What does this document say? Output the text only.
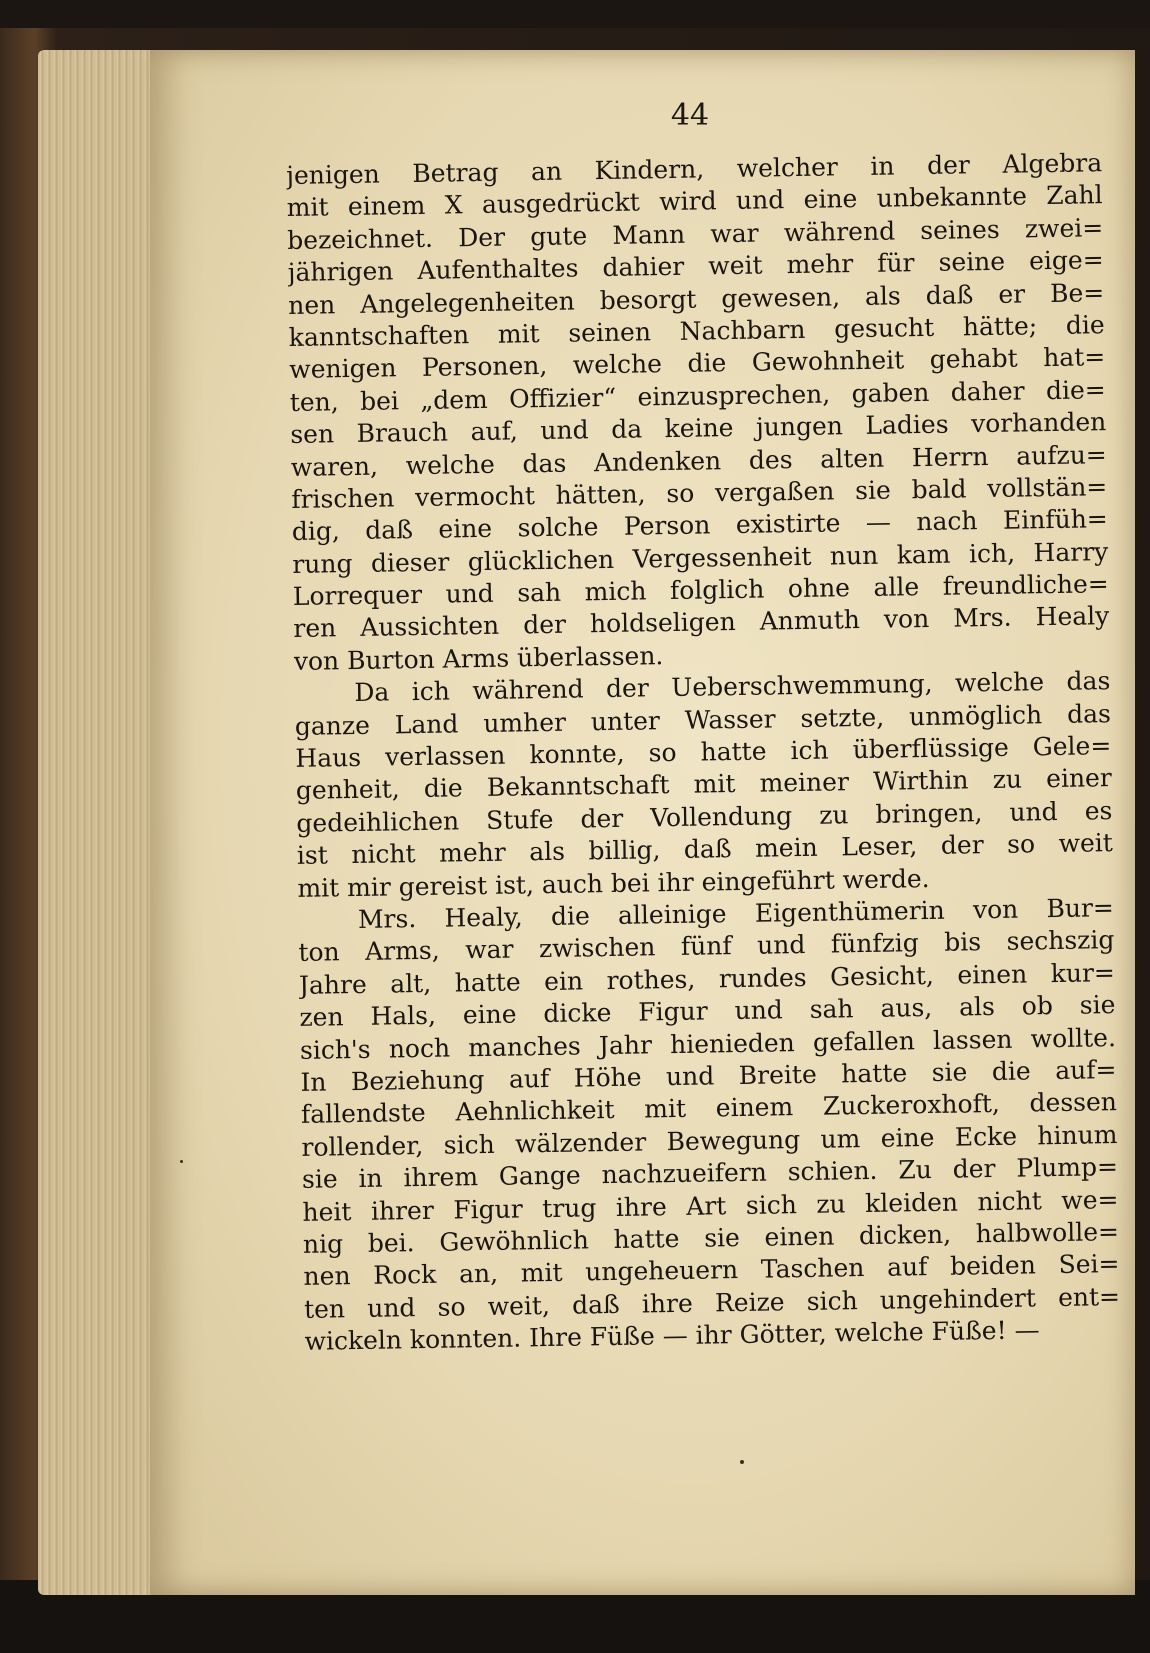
44

jenigen Betrag an Kindern, welcher in der Algebra

mit einem X ausgedrückt wird und eine unbekannte Zahl

bezeichnet. Der gute Mann war während seines zwei=

jährigen Aufenthaltes dahier weit mehr für seine eige=

nen Angelegenheiten besorgt gewesen, als daß er Be=

kanntschaften mit seinen Nachbarn gesucht hätte; die

wenigen Personen, welche die Gewohnheit gehabt hat=

ten, bei „dem Offizier“ einzusprechen, gaben daher die=

sen Brauch auf, und da keine jungen Ladies vorhanden

waren, welche das Andenken des alten Herrn aufzu=

frischen vermocht hätten, so vergaßen sie bald vollstän=

dig, daß eine solche Person existirte — nach Einfüh=

rung dieser glücklichen Vergessenheit nun kam ich, Harry

Lorrequer und sah mich folglich ohne alle freundliche=

ren Aussichten der holdseligen Anmuth von Mrs. Healy

von Burton Arms überlassen.

Da ich während der Ueberschwemmung, welche das

ganze Land umher unter Wasser setzte, unmöglich das

Haus verlassen konnte, so hatte ich überflüssige Gele=

genheit, die Bekanntschaft mit meiner Wirthin zu einer

gedeihlichen Stufe der Vollendung zu bringen, und es

ist nicht mehr als billig, daß mein Leser, der so weit

mit mir gereist ist, auch bei ihr eingeführt werde.

Mrs. Healy, die alleinige Eigenthümerin von Bur=

ton Arms, war zwischen fünf und fünfzig bis sechszig

Jahre alt, hatte ein rothes, rundes Gesicht, einen kur=

zen Hals, eine dicke Figur und sah aus, als ob sie

sich's noch manches Jahr hienieden gefallen lassen wollte.

In Beziehung auf Höhe und Breite hatte sie die auf=

fallendste Aehnlichkeit mit einem Zuckeroxhoft, dessen

rollender, sich wälzender Bewegung um eine Ecke hinum

sie in ihrem Gange nachzueifern schien. Zu der Plump=

heit ihrer Figur trug ihre Art sich zu kleiden nicht we=

nig bei. Gewöhnlich hatte sie einen dicken, halbwolle=

nen Rock an, mit ungeheuern Taschen auf beiden Sei=

ten und so weit, daß ihre Reize sich ungehindert ent=

wickeln konnten. Ihre Füße — ihr Götter, welche Füße! —
